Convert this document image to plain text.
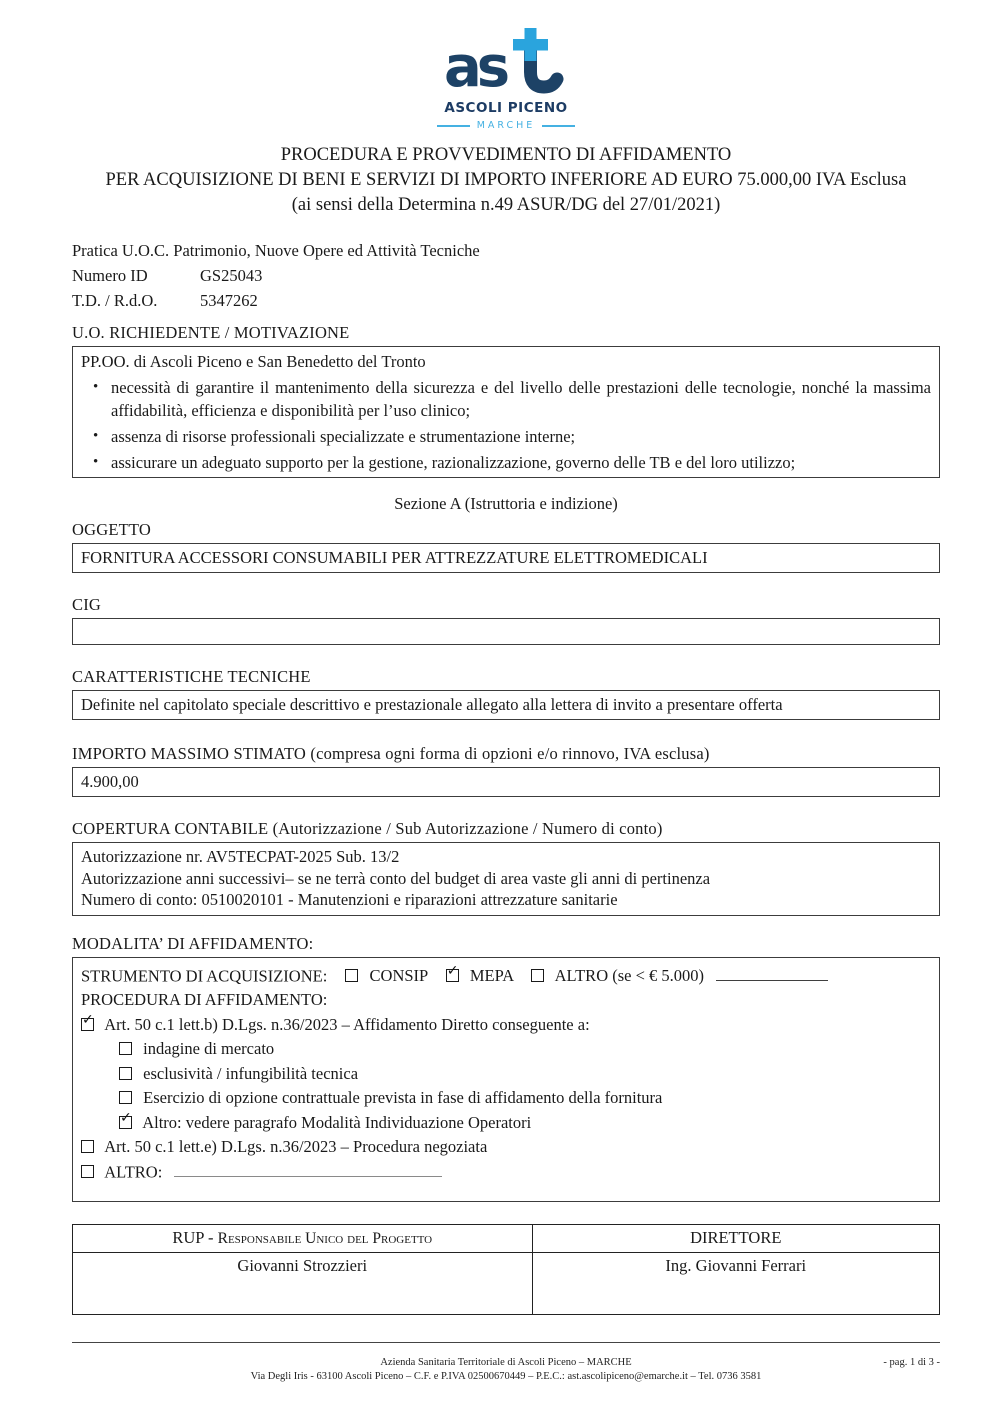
as
ASCOLI PICENO
MARCHE
PROCEDURA E PROVVEDIMENTO DI AFFIDAMENTO
PER ACQUISIZIONE DI BENI E SERVIZI DI IMPORTO INFERIORE AD EURO 75.000,00 IVA Esclusa
(ai sensi della Determina n.49 ASUR/DG del 27/01/2021)
Pratica U.O.C. Patrimonio, Nuove Opere ed Attività Tecniche
Numero ID	GS25043
T.D. / R.d.O.	5347262
U.O. RICHIEDENTE / MOTIVAZIONE
PP.OO. di Ascoli Piceno e San Benedetto del Tronto
• necessità di garantire il mantenimento della sicurezza e del livello delle prestazioni delle tecnologie, nonché la massima affidabilità, efficienza e disponibilità per l’uso clinico;
• assenza di risorse professionali specializzate e strumentazione interne;
• assicurare un adeguato supporto per la gestione, razionalizzazione, governo delle TB e del loro utilizzo;
Sezione A (Istruttoria e indizione)
OGGETTO
FORNITURA ACCESSORI CONSUMABILI PER ATTREZZATURE ELETTROMEDICALI
CIG
CARATTERISTICHE TECNICHE
Definite nel capitolato speciale descrittivo e prestazionale allegato alla lettera di invito a presentare offerta
IMPORTO MASSIMO STIMATO (compresa ogni forma di opzioni e/o rinnovo, IVA esclusa)
4.900,00
COPERTURA CONTABILE (Autorizzazione / Sub Autorizzazione / Numero di conto)
Autorizzazione nr. AV5TECPAT-2025 Sub. 13/2
Autorizzazione anni successivi– se ne terrà conto del budget di area vaste gli anni di pertinenza
Numero di conto: 0510020101 - Manutenzioni e riparazioni attrezzature sanitarie
MODALITA’ DI AFFIDAMENTO:
STRUMENTO DI ACQUISIZIONE:	CONSIP ✓ MEPA	ALTRO (se < € 5.000)
PROCEDURA DI AFFIDAMENTO:
✓ Art. 50 c.1 lett.b) D.Lgs. n.36/2023 – Affidamento Diretto conseguente a:
indagine di mercato
esclusività / infungibilità tecnica
Esercizio di opzione contrattuale prevista in fase di affidamento della fornitura
✓ Altro: vedere paragrafo Modalità Individuazione Operatori
Art. 50 c.1 lett.e) D.Lgs. n.36/2023 – Procedura negoziata
ALTRO:
RUP - Responsabile Unico del Progetto	DIRETTORE
Giovanni Strozzieri	Ing. Giovanni Ferrari
Azienda Sanitaria Territoriale di Ascoli Piceno – MARCHE
Via Degli Iris - 63100 Ascoli Piceno – C.F. e P.IVA 02500670449 – P.E.C.: ast.ascolipiceno@emarche.it – Tel. 0736 3581
- pag. 1 di 3 -
